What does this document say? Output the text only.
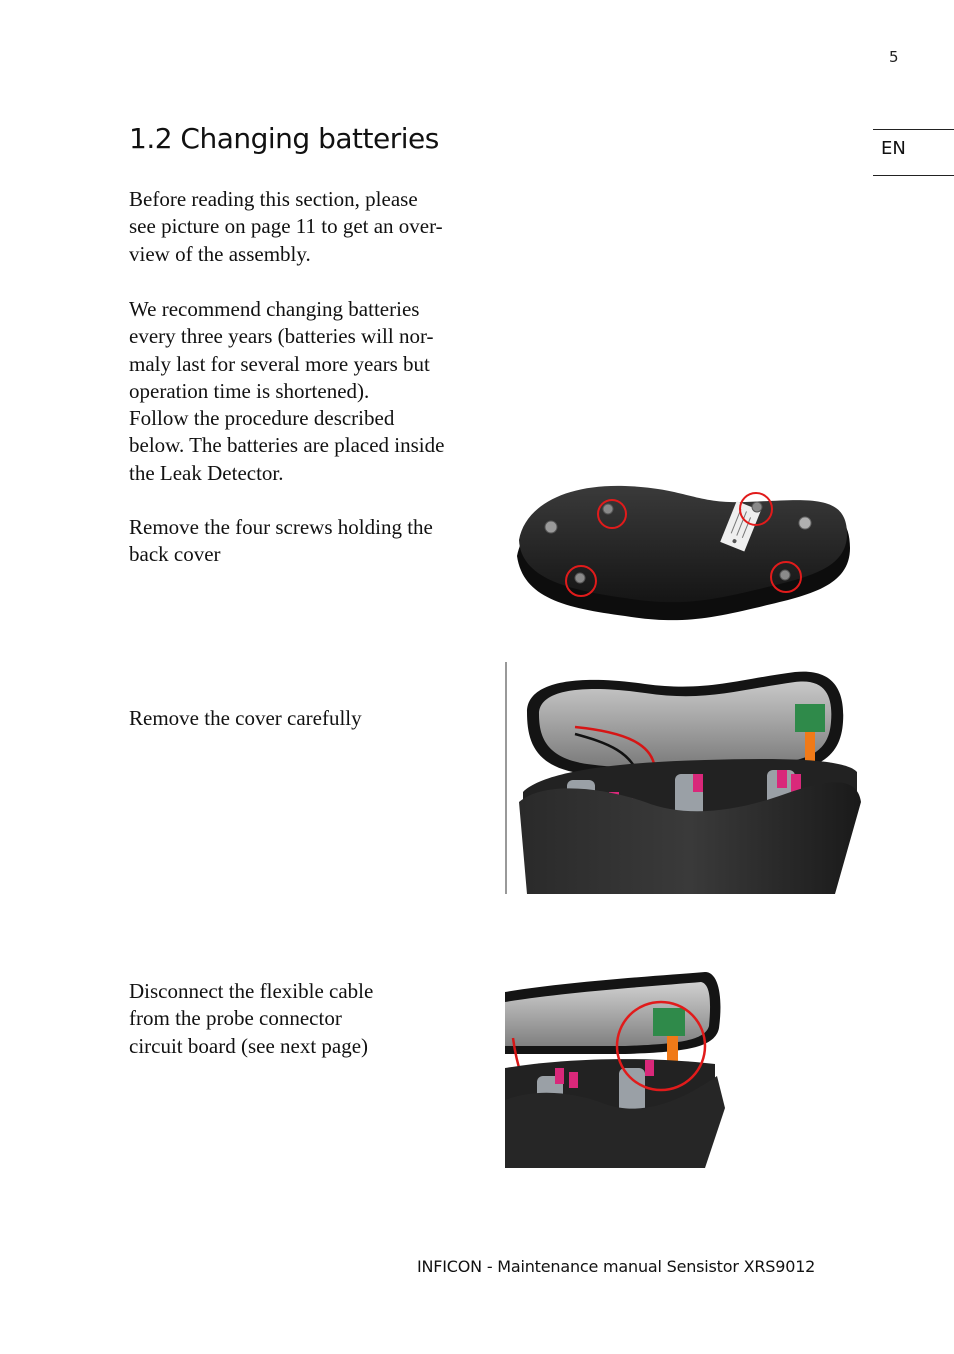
5
EN
1.2 Changing batteries
Before reading this section, please
see picture on page 11 to get an over-
view of the assembly.
We recommend changing batteries
every three years (batteries will nor-
maly last for several more years but
operation time is shortened).
Follow the procedure described
below. The batteries are placed inside
the Leak Detector.
Remove the four screws holding the
back cover
Remove the cover carefully
Disconnect the flexible cable
from the probe connector
circuit board (see next page)
INFICON - Maintenance manual Sensistor XRS9012
